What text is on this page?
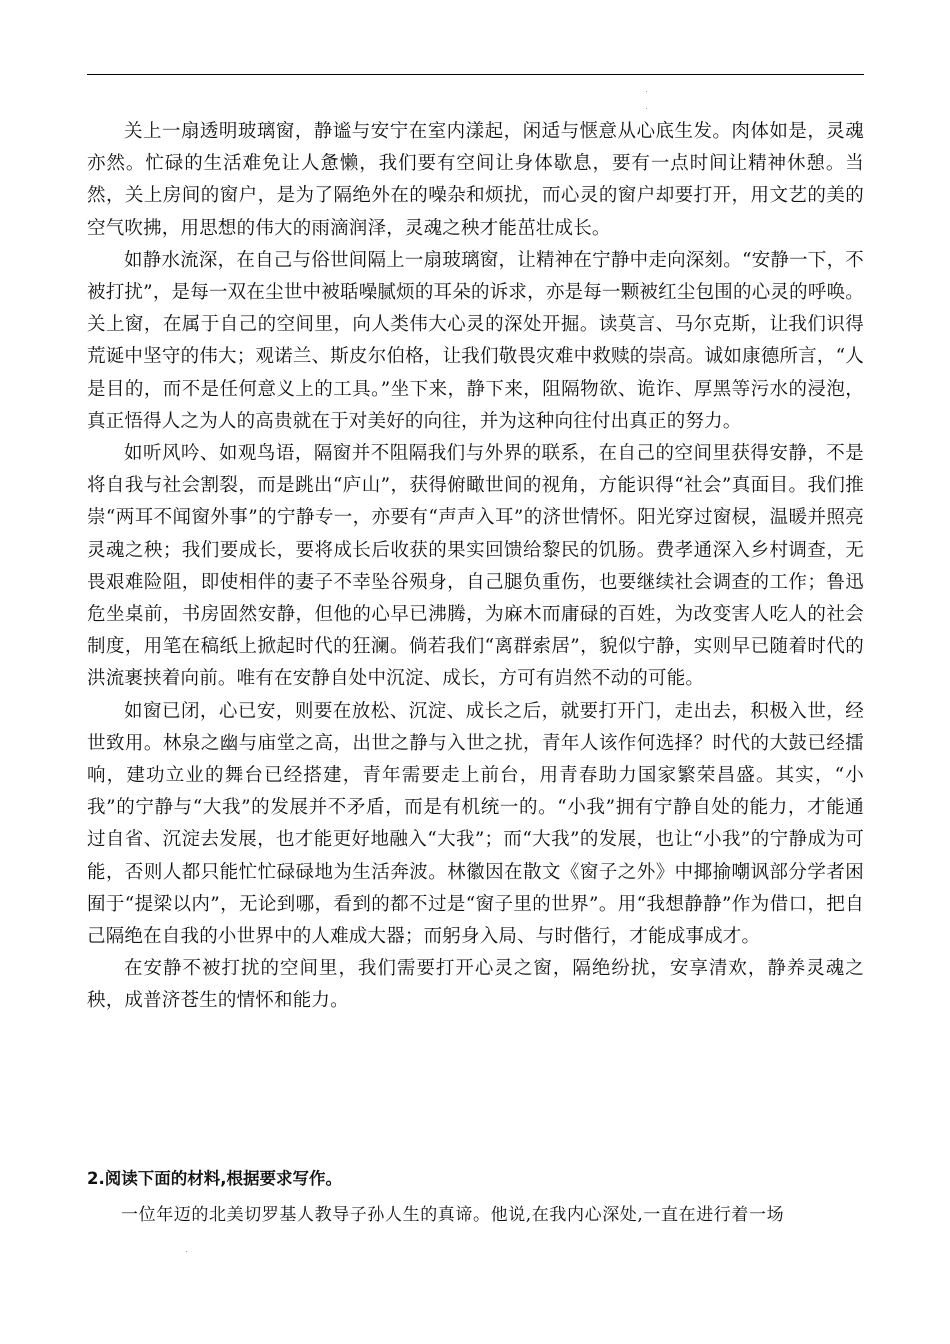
关上一扇透明玻璃窗，静谧与安宁在室内漾起，闲适与惬意从心底生发。肉体如是，灵魂亦然。忙碌的生活难免让人惫懒，我们要有空间让身体歇息，要有一点时间让精神休憩。当然，关上房间的窗户，是为了隔绝外在的噪杂和烦扰，而心灵的窗户却要打开，用文艺的美的空气吹拂，用思想的伟大的雨滴润泽，灵魂之秧才能茁壮成长。

如静水流深，在自己与俗世间隔上一扇玻璃窗，让精神在宁静中走向深刻。“安静一下，不被打扰”，是每一双在尘世中被聒噪腻烦的耳朵的诉求，亦是每一颗被红尘包围的心灵的呼唤。关上窗，在属于自己的空间里，向人类伟大心灵的深处开掘。读莫言、马尔克斯，让我们识得荒诞中坚守的伟大；观诺兰、斯皮尔伯格，让我们敬畏灾难中救赎的崇高。诚如康德所言，“人是目的，而不是任何意义上的工具。”坐下来，静下来，阻隔物欲、诡诈、厚黑等污水的浸泡，真正悟得人之为人的高贵就在于对美好的向往，并为这种向往付出真正的努力。

如听风吟、如观鸟语，隔窗并不阻隔我们与外界的联系，在自己的空间里获得安静，不是将自我与社会割裂，而是跳出“庐山”，获得俯瞰世间的视角，方能识得“社会”真面目。我们推崇“两耳不闻窗外事”的宁静专一，亦要有“声声入耳”的济世情怀。阳光穿过窗棂，温暖并照亮灵魂之秧；我们要成长，要将成长后收获的果实回馈给黎民的饥肠。费孝通深入乡村调查，无畏艰难险阻，即使相伴的妻子不幸坠谷殒身，自己腿负重伤，也要继续社会调查的工作；鲁迅危坐桌前，书房固然安静，但他的心早已沸腾，为麻木而庸碌的百姓，为改变害人吃人的社会制度，用笔在稿纸上掀起时代的狂澜。倘若我们“离群索居”，貌似宁静，实则早已随着时代的洪流裹挟着向前。唯有在安静自处中沉淀、成长，方可有岿然不动的可能。

如窗已闭，心已安，则要在放松、沉淀、成长之后，就要打开门，走出去，积极入世，经世致用。林泉之幽与庙堂之高，出世之静与入世之扰，青年人该作何选择？时代的大鼓已经擂响，建功立业的舞台已经搭建，青年需要走上前台，用青春助力国家繁荣昌盛。其实，“小我”的宁静与“大我”的发展并不矛盾，而是有机统一的。“小我”拥有宁静自处的能力，才能通过自省、沉淀去发展，也才能更好地融入“大我”；而“大我”的发展，也让“小我”的宁静成为可能，否则人都只能忙忙碌碌地为生活奔波。林徽因在散文《窗子之外》中揶揄嘲讽部分学者困囿于“提梁以内”，无论到哪，看到的都不过是“窗子里的世界”。用“我想静静”作为借口，把自己隔绝在自我的小世界中的人难成大器；而躬身入局、与时偕行，才能成事成才。

在安静不被打扰的空间里，我们需要打开心灵之窗，隔绝纷扰，安享清欢，静养灵魂之秧，成普济苍生的情怀和能力。

2.阅读下面的材料,根据要求写作。

一位年迈的北美切罗基人教导子孙人生的真谛。他说,在我内心深处,一直在进行着一场
